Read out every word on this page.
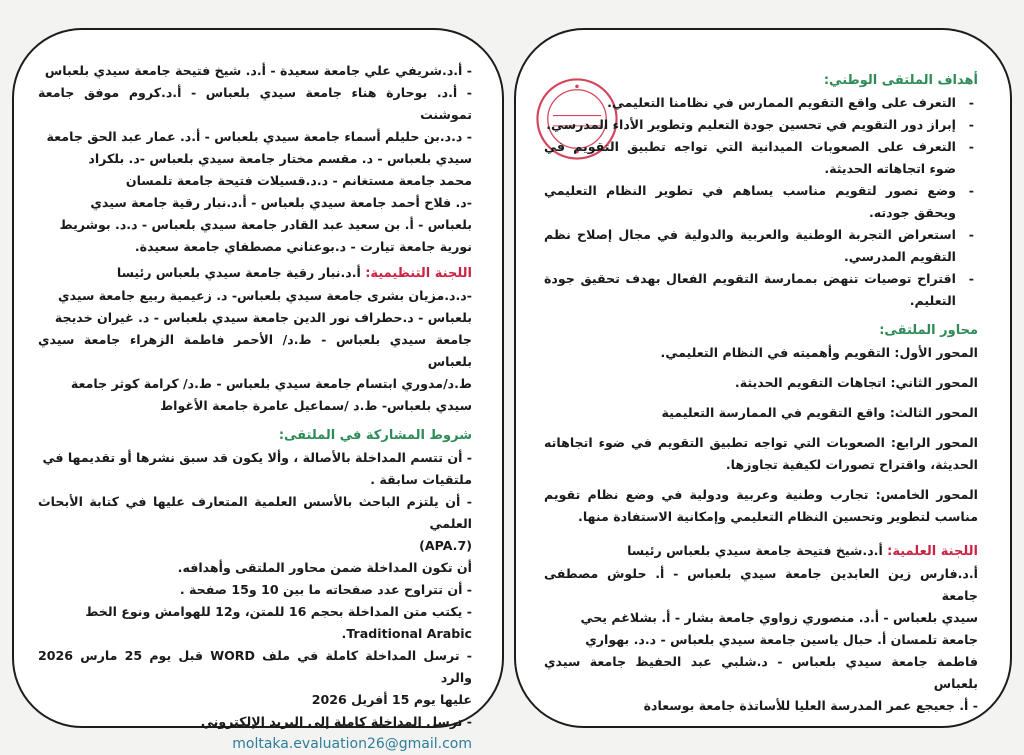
- أ.د.شريفي علي جامعة سعيدة - أ.د. شيخ فتيحة جامعة سيدي بلعباس

- أ.د. بوحارة هناء جامعة سيدي بلعباس - أ.د.كروم موفق جامعة تموشنت

- د.د.بن حليلم أسماء جامعة سيدي بلعباس - أ.د. عمار عبد الحق جامعة

سيدي بلعباس - د. مقسم مختار جامعة سيدي بلعباس -د. بلكراد

محمد جامعة مستغانم - د.د.قسيلات فتيحة جامعة تلمسان

-د. فلاح أحمد جامعة سيدي بلعباس - أ.د.نبار رقية جامعة سيدي

بلعباس - أ. بن سعيد عبد القادر جامعة سيدي بلعباس - د.د. بوشريط

نورية جامعة تيارت - د.بوعناني مصطفاي جامعة سعيدة.

اللجنة التنظيمية: أ.د.نبار رقية جامعة سيدي بلعباس رئيسا

-د.د.مزيان بشرى جامعة سيدي بلعباس- د. زعيمية ربيع جامعة سيدي

بلعباس - د.حطراف نور الدين جامعة سيدي بلعباس - د. غيران خديجة

جامعة سيدي بلعباس - ط.د/ الأحمر فاطمة الزهراء جامعة سيدي بلعباس

ط.د/مدوري ابتسام جامعة سيدي بلعباس - ط.د/ كرامة كوثر جامعة

سيدي بلعباس- ط.د /سماعيل عامرة جامعة الأغواط

شروط المشاركة في الملتقى:

- أن تتسم المداخلة بالأصالة ، وألا يكون قد سبق نشرها أو تقديمها في

ملتقيات سابقة .

- أن يلتزم الباحث بالأسس العلمية المتعارف عليها في كتابة الأبحاث العلمي

(APA.7)

أن تكون المداخلة ضمن محاور الملتقى وأهدافه.

- أن تتراوح عدد صفحاته ما بين 10 و15 صفحة .

- يكتب متن المداخلة بحجم 16 للمتن، و12 للهوامش ونوع الخط

Traditional Arabic.

- ترسل المداخلة كاملة في ملف WORD قبل يوم 25 مارس 2026 والرد

عليها يوم 15 أفريل 2026

- ترسل المداخلة كاملة إلى البريد الإلكتروني

moltaka.evaluation26@gmail.com

أهداف الملتقى الوطني:

- التعرف على واقع التقويم الممارس في نظامنا التعليمي.

- إبراز دور التقويم في تحسين جودة التعليم وتطوير الأداء المدرسي.

- التعرف على الصعوبات الميدانية التي تواجه تطبيق التقويم في ضوء اتجاهاته الحديثة.

- وضع تصور لتقويم مناسب يساهم في تطوير النظام التعليمي ويحقق جودته.

- استعراض التجربة الوطنية والعربية والدولية في مجال إصلاح نظم التقويم المدرسي.

- اقتراح توصيات تنهض بممارسة التقويم الفعال بهدف تحقيق جودة التعليم.

محاور الملتقى:

المحور الأول: التقويم وأهميته في النظام التعليمي.

المحور الثاني: اتجاهات التقويم الحديثة.

المحور الثالث: واقع التقويم في الممارسة التعليمية

المحور الرابع: الصعوبات التي تواجه تطبيق التقويم في ضوء اتجاهاته الحديثة، واقتراح تصورات لكيفية تجاوزها.

المحور الخامس: تجارب وطنية وعربية ودولية في وضع نظام تقويم مناسب لتطوير وتحسين النظام التعليمي وإمكانية الاستفادة منها.

اللجنة العلمية: أ.د.شيخ فتيحة جامعة سيدي بلعباس رئيسا

أ.د.فارس زين العابدين جامعة سيدي بلعباس - أ. حلوش مصطفى جامعة

سيدي بلعباس - أ.د. منصوري زواوي جامعة بشار - أ. بشلاغم يحي

جامعة تلمسان أ. حبال ياسين جامعة سيدي بلعباس - د.د. بهواري

فاطمة جامعة سيدي بلعباس - د.شلبي عبد الحفيظ جامعة سيدي بلعباس

- أ. جعيجع عمر المدرسة العليا للأساتذة جامعة بوسعادة
